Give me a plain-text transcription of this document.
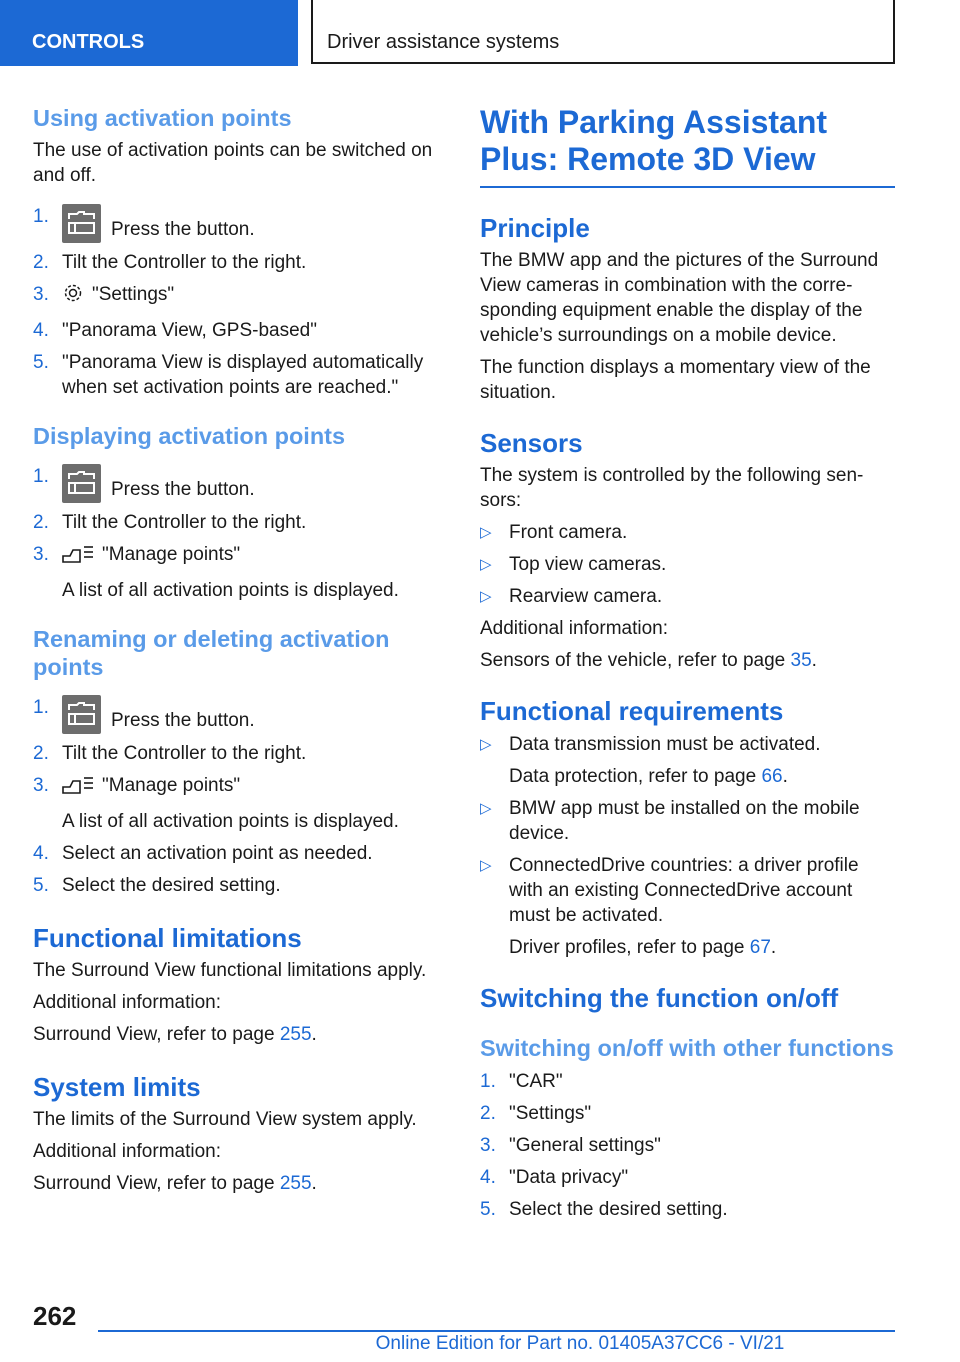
CONTROLS	Driver assistance systems
Using activation points

The use of activation points can be switched on and off.

1.
Press the button.
2. Tilt the Controller to the right.
3. "Settings"
4. "Panorama View, GPS-based"
5. "Panorama View is displayed automatically when set activation points are reached."
Displaying activation points
1.
Press the button.
2. Tilt the Controller to the right.
3.	"Manage points"
A list of all activation points is displayed.
Renaming or deleting activation points
1.
Press the button.
2. Tilt the Controller to the right.
3.	"Manage points"
A list of all activation points is displayed.
4. Select an activation point as needed.
5. Select the desired setting.
Functional limitations

The Surround View functional limitations apply.

Additional information:

Surround View, refer to page 255.

System limits

The limits of the Surround View system apply.

Additional information:

Surround View, refer to page 255.

With Parking Assistant Plus: Remote 3D View
Principle

The BMW app and the pictures of the Surround View cameras in combination with the corre‐sponding equipment enable the display of the vehicle’s surroundings on a mobile device.

The function displays a momentary view of the situation.

Sensors

The system is controlled by the following sen‐sors:

▷ Front camera.
▷ Top view cameras.
▷ Rearview camera.

Additional information:

Sensors of the vehicle, refer to page 35.

Functional requirements
▷ Data transmission must be activated.
Data protection, refer to page 66.
▷ BMW app must be installed on the mobile device.
▷ ConnectedDrive countries: a driver profile with an existing ConnectedDrive account must be activated.
Driver profiles, refer to page 67.
Switching the function on/off
Switching on/off with other functions
1. "CAR"
2. "Settings"
3. "General settings"
4. "Data privacy"
5. Select the desired setting.
262
Online Edition for Part no. 01405A37CC6 - VI/21
